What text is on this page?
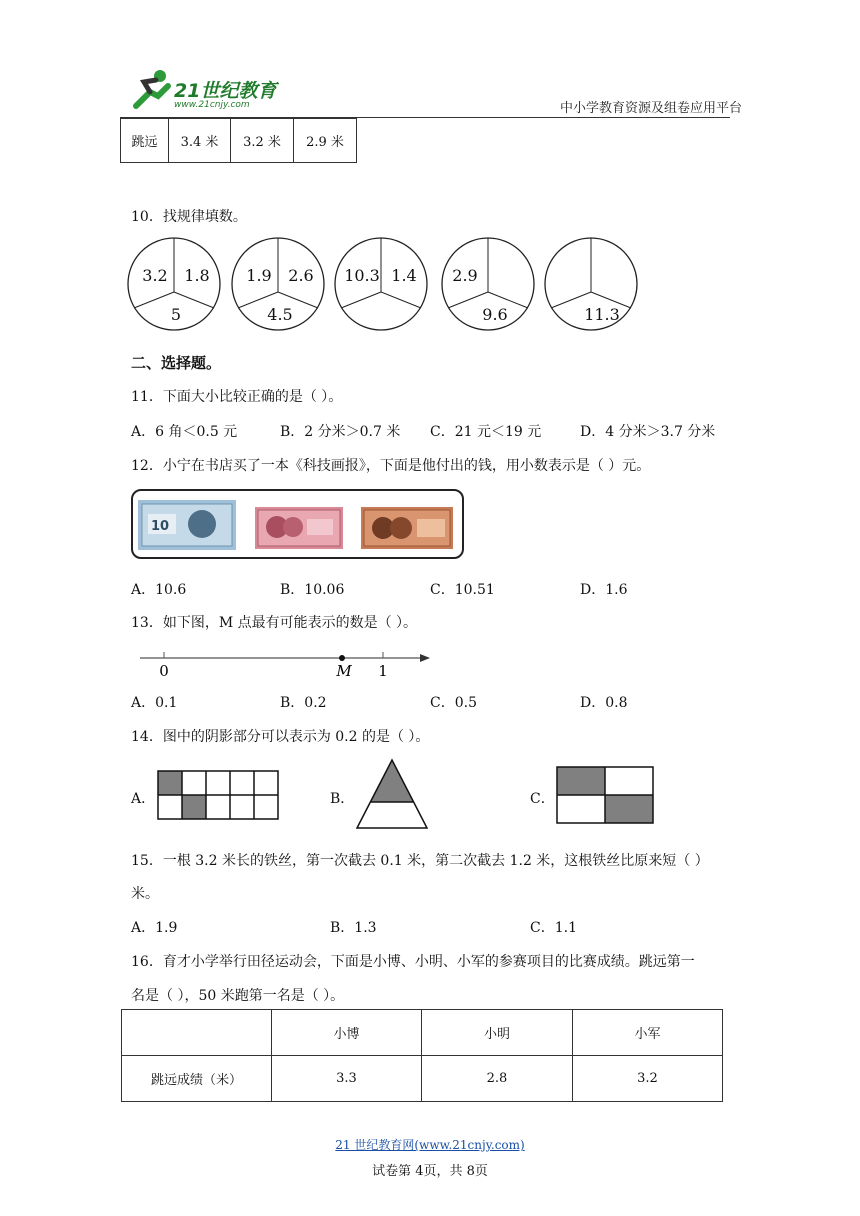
21世纪教育
www.21cnjy.com	中小学教育资源及组卷应用平台
跳远	3.4 米	3.2 米	2.9 米
10．找规律填数。
3.2 1.8
5
1.9 2.6
4.5
10.3 1.4 2.9
9.6	11.3
二、选择题。
11．下面大小比较正确的是（ ）。
A．6 角＜0.5 元	B．2 分米＞0.7 米 C．21 元＜19 元	D．4 分米＞3.7 分米
12．小宁在书店买了一本《科技画报》，下面是他付出的钱，用小数表示是（ ）元。
10
A．10.6	B．10.06	C．10.51	D．1.6
13．如下图，M 点最有可能表示的数是（ ）。
0	M 1
A．0.1	B．0.2	C．0.5	D．0.8
14．图中的阴影部分可以表示为 0.2 的是（ ）。
A．	B．	C．
15．一根 3.2 米长的铁丝，第一次截去 0.1 米，第二次截去 1.2 米，这根铁丝比原来短（ ）
米。
A．1.9	B．1.3	C．1.1
16．育才小学举行田径运动会，下面是小博、小明、小军的参赛项目的比赛成绩。跳远第一
名是（ ），50 米跑第一名是（ ）。
	小博	小明	小军
跳远成绩（米）	3.3	2.8	3.2
21 世纪教育网(www.21cnjy.com)
试卷第 4页，共 8页
